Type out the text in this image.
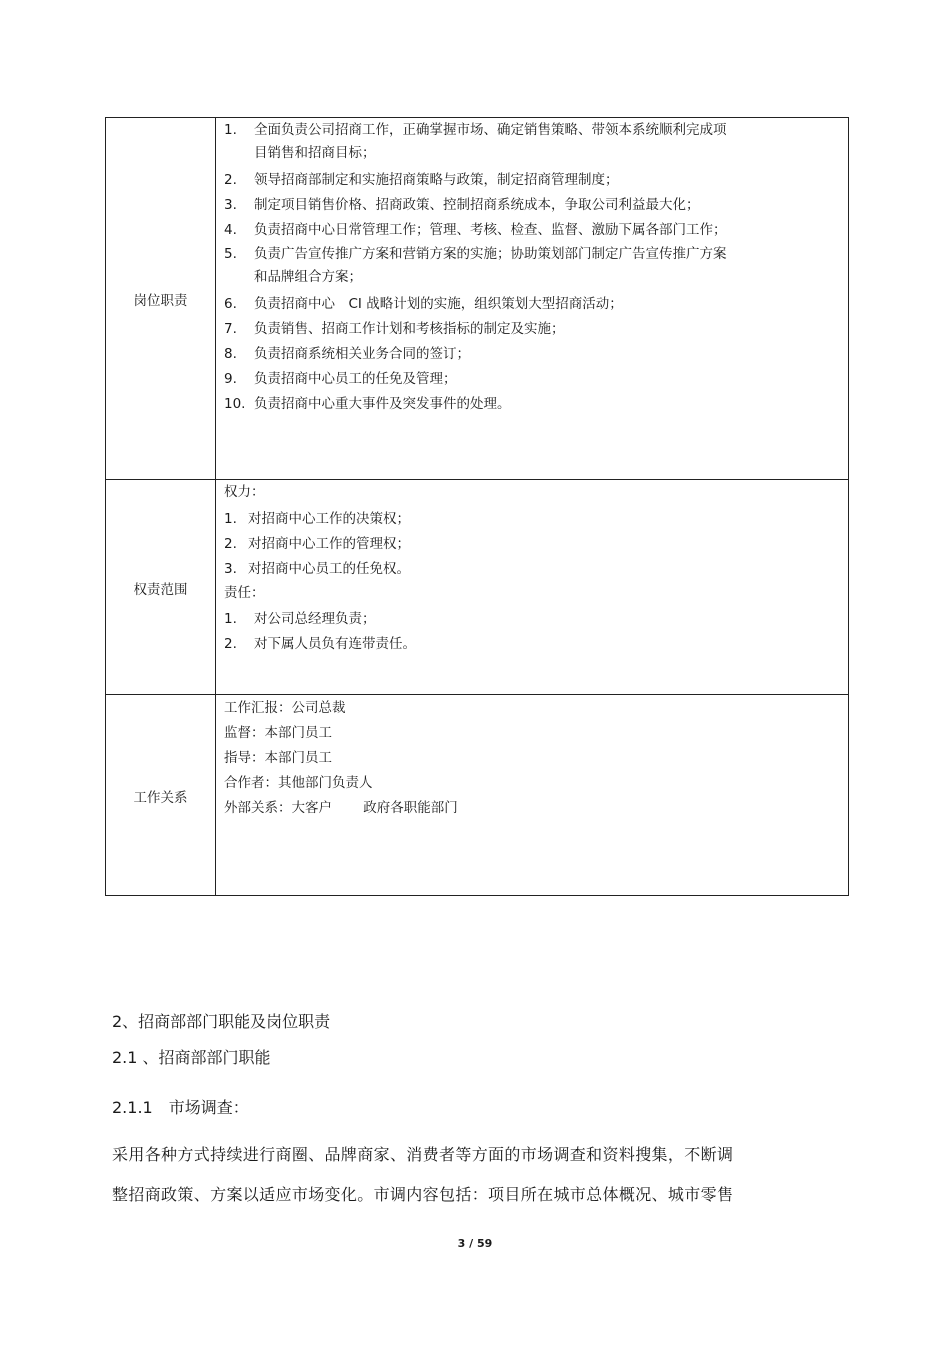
岗位职责
1. 全面负责公司招商工作，正确掌握市场、确定销售策略、带领本系统顺利完成项
目销售和招商目标；
2. 领导招商部制定和实施招商策略与政策，制定招商管理制度；
3. 制定项目销售价格、招商政策、控制招商系统成本，争取公司利益最大化；
4. 负责招商中心日常管理工作；管理、考核、检查、监督、激励下属各部门工作；
5. 负责广告宣传推广方案和营销方案的实施；协助策划部门制定广告宣传推广方案
和品牌组合方案；
6. 负责招商中心　CI 战略计划的实施，组织策划大型招商活动；
7. 负责销售、招商工作计划和考核指标的制定及实施；
8. 负责招商系统相关业务合同的签订；
9. 负责招商中心员工的任免及管理；
10. 负责招商中心重大事件及突发事件的处理。
权责范围
权力：
1. 对招商中心工作的决策权；
2. 对招商中心工作的管理权；
3. 对招商中心员工的任免权。
责任：
1. 对公司总经理负责；
2. 对下属人员负有连带责任。
工作关系
工作汇报：公司总裁
监督：本部门员工
指导：本部门员工
合作者：其他部门负责人
外部关系：大客户　　 政府各职能部门
2、招商部部门职能及岗位职责
2.1 、招商部部门职能
2.1.1　市场调查：
采用各种方式持续进行商圈、品牌商家、消费者等方面的市场调查和资料搜集，不断调
整招商政策、方案以适应市场变化。市调内容包括：项目所在城市总体概况、城市零售
3 / 59
